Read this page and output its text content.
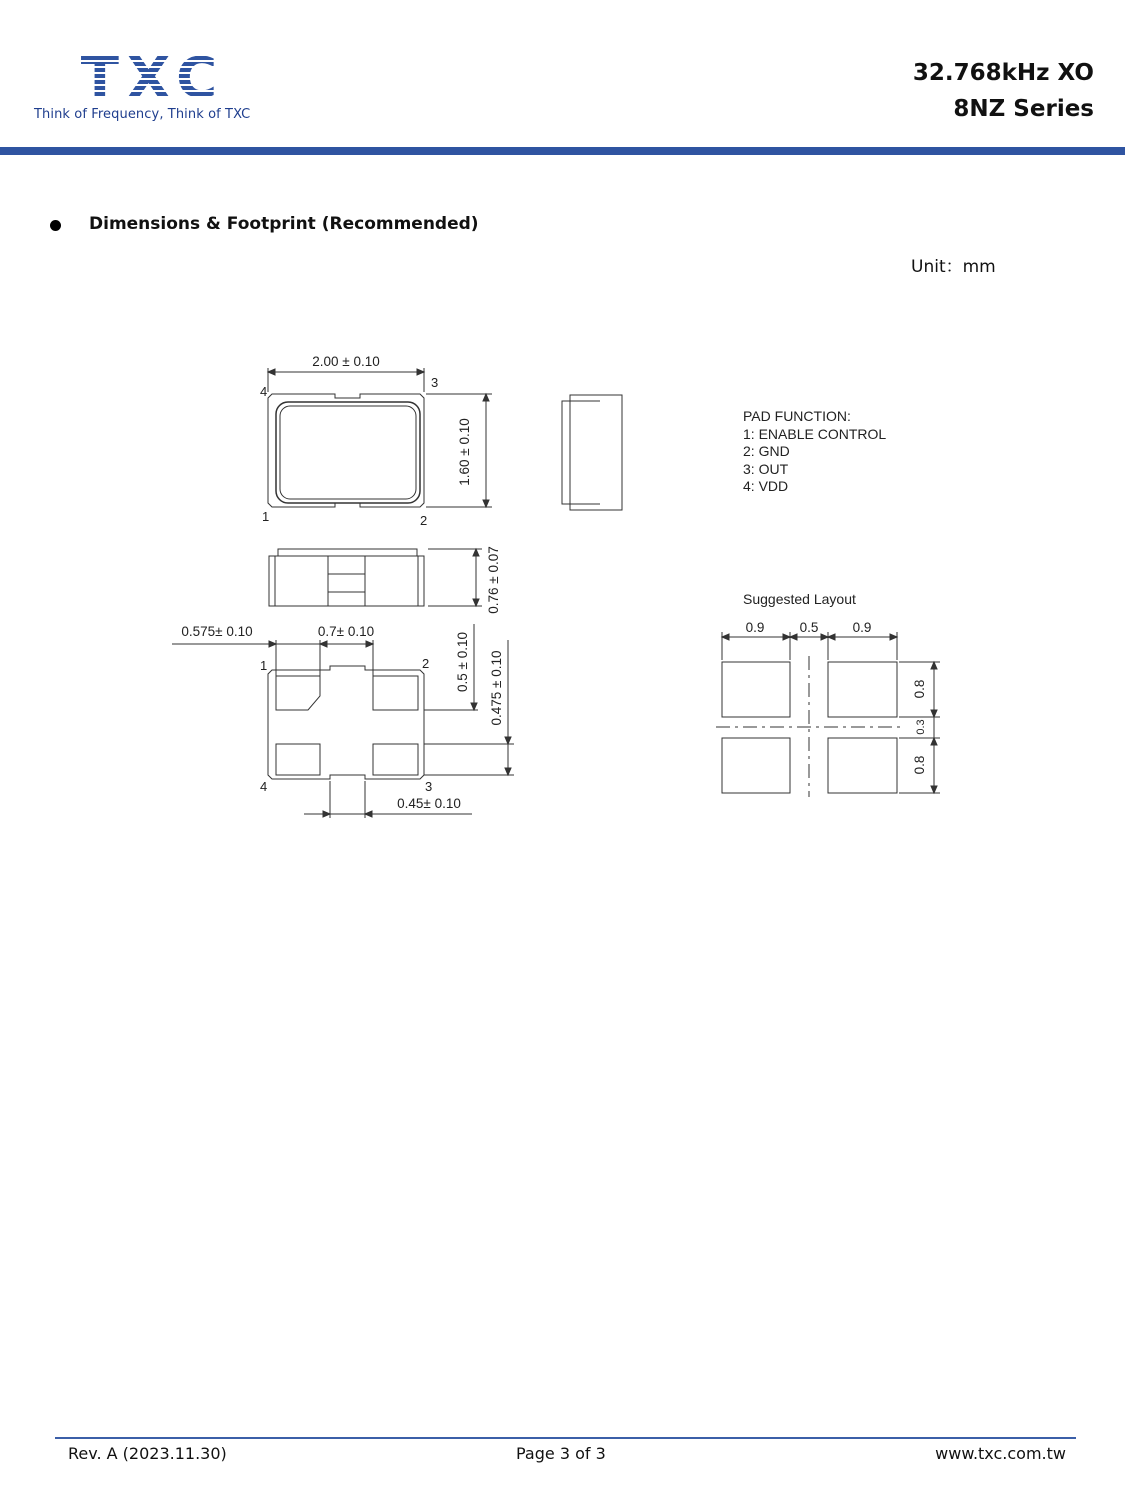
TXC
Think of Frequency, Think of TXC
32.768kHz XO
8NZ Series
Dimensions & Footprint (Recommended)
Unit：mm
2.00 ± 0.10
1.60 ± 0.10
0.76 ± 0.07
0.575± 0.10	0.7± 0.10
0.5 ± 0.10 0.475 ± 0.10
0.45± 0.10
4
3
1	2
1	2
4	3
PAD FUNCTION:
1: ENABLE CONTROL
2: GND
3: OUT
4: VDD
Suggested Layout
0.9	0.5	0.9
0.8
0.3
0.8
Rev. A (2023.11.30)	Page 3 of 3	www.txc.com.tw
